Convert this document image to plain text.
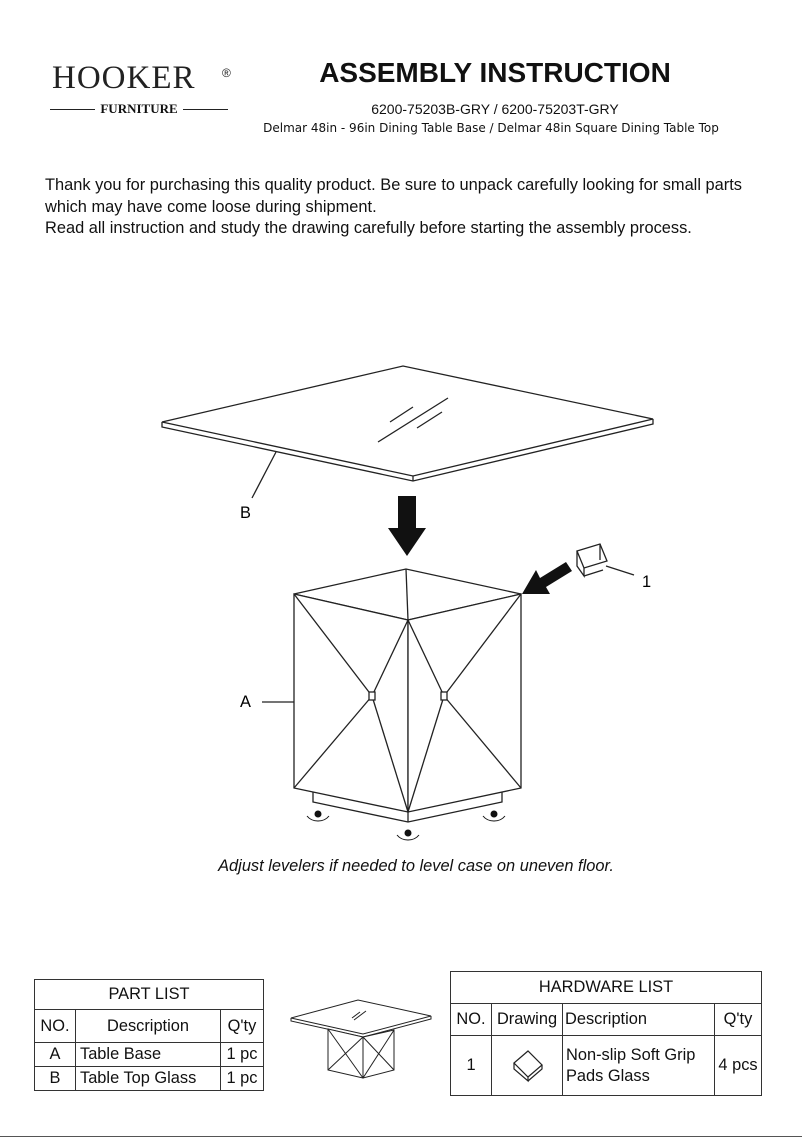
HOOKER ®
FURNITURE
ASSEMBLY INSTRUCTION
6200-75203B-GRY / 6200-75203T-GRY
Delmar 48in - 96in Dining Table Base / Delmar 48in Square Dining Table Top

Thank you for purchasing this quality product. Be sure to unpack carefully looking for small parts which may have come loose during shipment.

Read all instruction and study the drawing carefully before starting the assembly process.

B
A
1
Adjust levelers if needed to level case on uneven floor.
PART LIST		
NO.	Description	Q'ty
A	Table Base	1 pc
B	Table Top Glass	1 pc
HARDWARE LIST			
NO.	Drawing	Description	Q'ty
1		Non-slip Soft Grip Pads Glass	4 pcs
